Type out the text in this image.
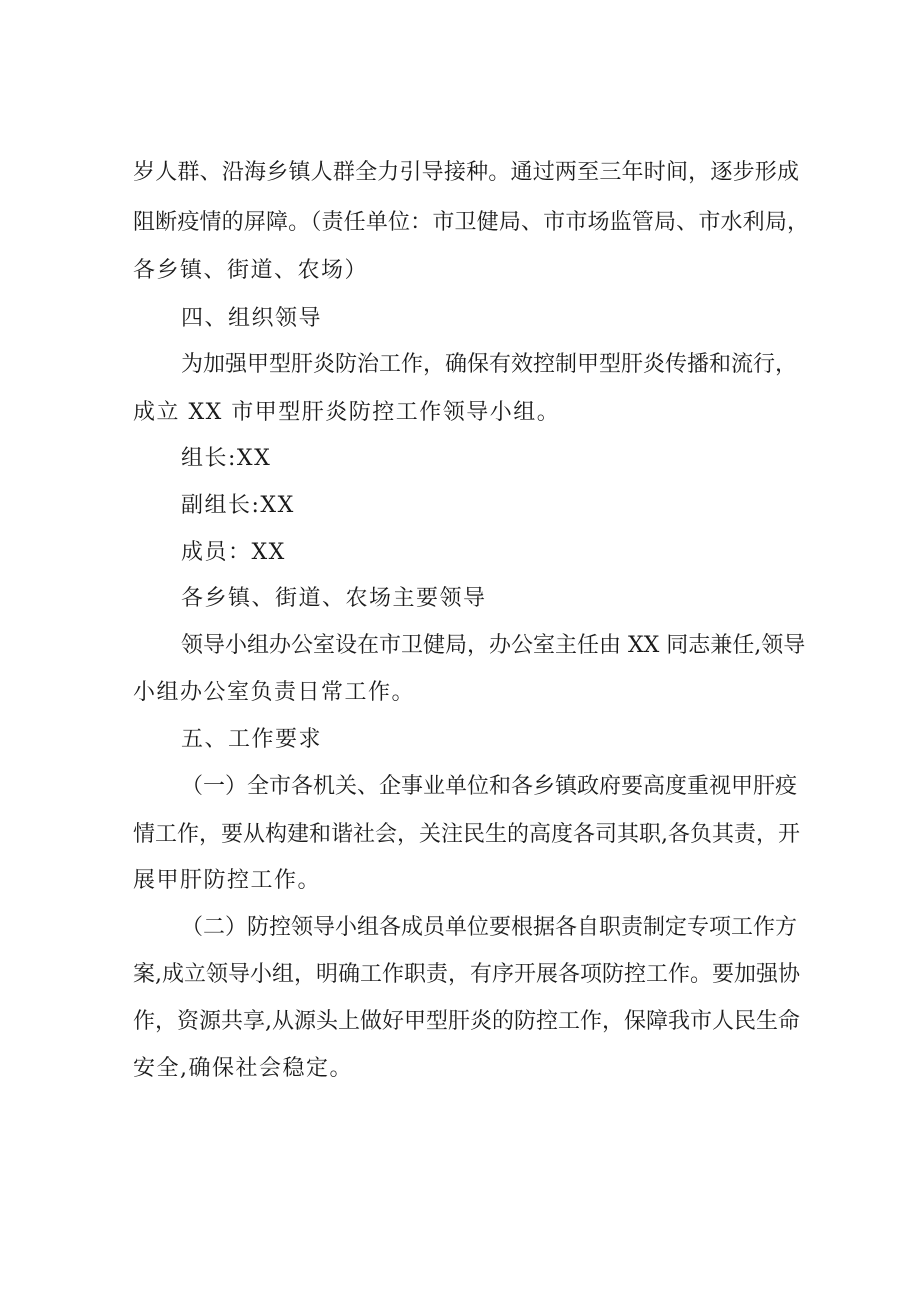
岁人群、沿海乡镇人群全力引导接种。通过两至三年时间，逐步形成
阻断疫情的屏障。（责任单位：市卫健局、市市场监管局、市水利局，
各乡镇、街道、农场）
四、组织领导
为加强甲型肝炎防治工作，确保有效控制甲型肝炎传播和流行，
成立 XX 市甲型肝炎防控工作领导小组。
组长:XX
副组长:XX
成员：XX
各乡镇、街道、农场主要领导
领导小组办公室设在市卫健局，办公室主任由 XX 同志兼任,领导
小组办公室负责日常工作。
五、工作要求
（一）全市各机关、企事业单位和各乡镇政府要高度重视甲肝疫
情工作，要从构建和谐社会，关注民生的高度各司其职,各负其责，开
展甲肝防控工作。
（二）防控领导小组各成员单位要根据各自职责制定专项工作方
案,成立领导小组，明确工作职责，有序开展各项防控工作。要加强协
作，资源共享,从源头上做好甲型肝炎的防控工作，保障我市人民生命
安全,确保社会稳定。
